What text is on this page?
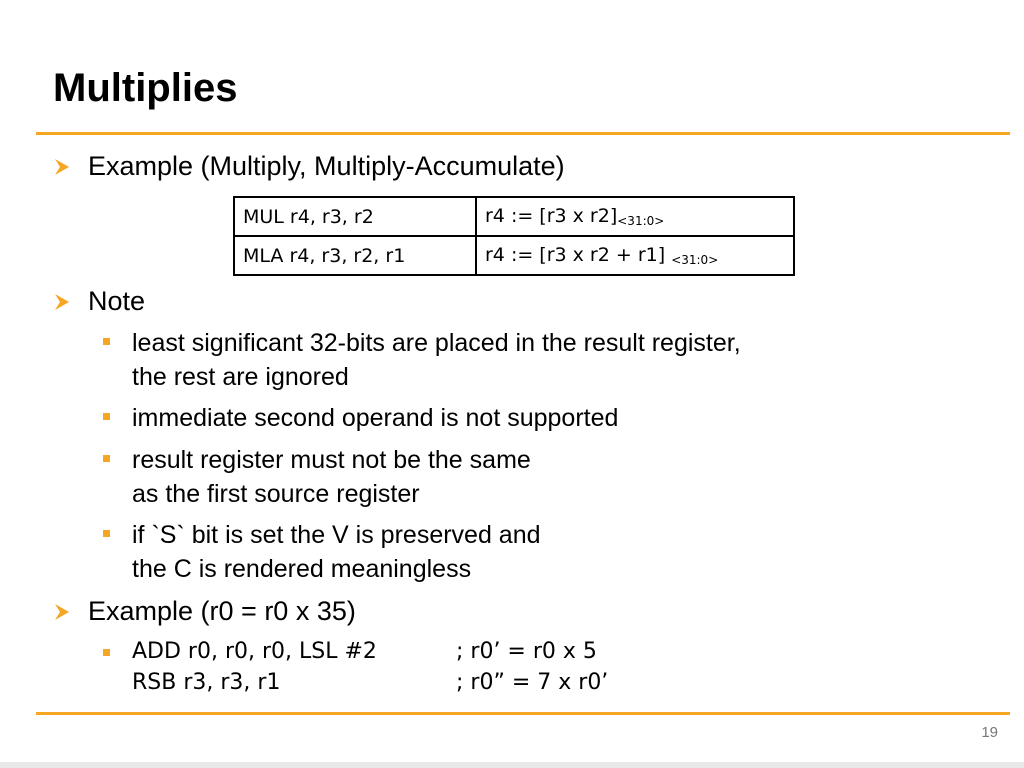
Multiplies
Example (Multiply, Multiply-Accumulate)
MUL r4, r3, r2	r4 := [r3 x $r2]_{<31:0>}$
MLA r4, r3, r2, r1	r4 := [r3 x r2 + r1] $_{<31:0>}$
Note
least significant 32-bits are placed in the result register,
the rest are ignored
immediate second operand is not supported
result register must not be the same
as the first source register
if `S` bit is set the V is preserved and
the C is rendered meaningless
Example (r0 = r0 x 35)
ADD r0, r0, r0, LSL #2	; r0’ = r0 x 5
RSB r3, r3, r1	; r0” = 7 x r0’
19
